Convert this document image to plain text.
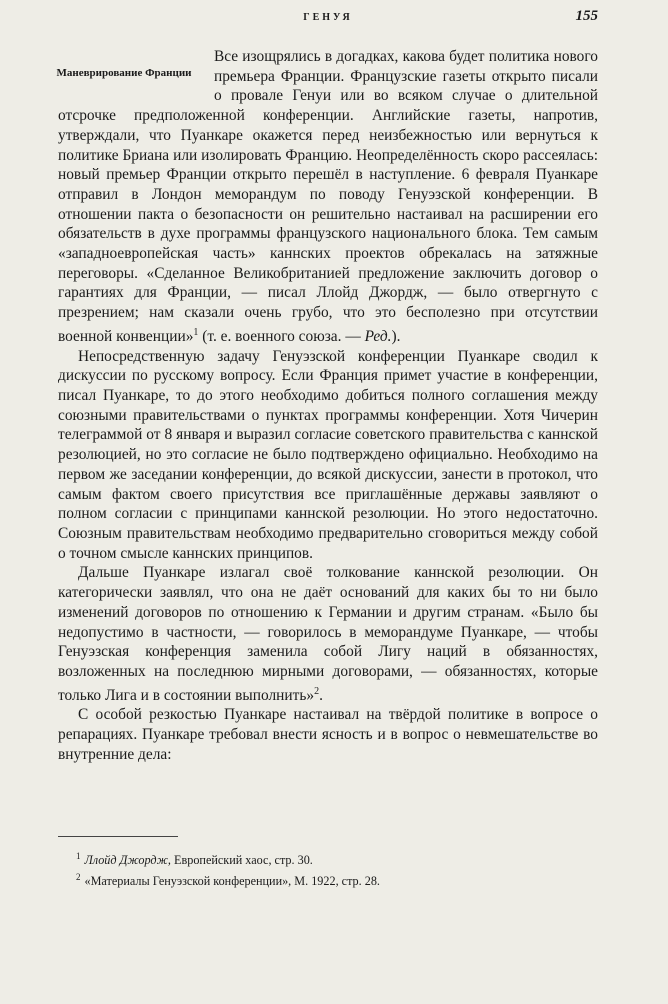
ГЕНУЯ	155
Маневрирование Франции

Все изощрялись в догадках, какова будет политика нового премьера Франции. Французские газеты открыто писали о провале Генуи или во всяком случае о длительной отсрочке предположенной конференции. Английские газеты, напротив, утверждали, что Пуанкаре окажется перед неизбежностью или вернуться к политике Бриана или изолировать Францию. Неопределённость скоро рассеялась: новый премьер Франции открыто перешёл в наступление. 6 февраля Пуанкаре отправил в Лондон меморандум по поводу Генуэзской конференции. В отношении пакта о безопасности он решительно настаивал на расширении его обязательств в духе программы французского национального блока. Тем самым «западноевропейская часть» каннских проектов обрекалась на затяжные переговоры. «Сделанное Великобританией предложение заключить договор о гарантиях для Франции, — писал Ллойд Джордж, — было отвергнуто с презрением; нам сказали очень грубо, что это бесполезно при отсутствии военной конвенции»$^1$ (т. е. военного союза. — Ред.).

Непосредственную задачу Генуэзской конференции Пуанкаре сводил к дискуссии по русскому вопросу. Если Франция примет участие в конференции, писал Пуанкаре, то до этого необходимо добиться полного соглашения между союзными правительствами о пунктах программы конференции. Хотя Чичерин телеграммой от 8 января и выразил согласие советского правительства с каннской резолюцией, но это согласие не было подтверждено официально. Необходимо на первом же заседании конференции, до всякой дискуссии, занести в протокол, что самым фактом своего присутствия все приглашённые державы заявляют о полном согласии с принципами каннской резолюции. Но этого недостаточно. Союзным правительствам необходимо предварительно сговориться между собой о точном смысле каннских принципов.

Дальше Пуанкаре излагал своё толкование каннской резолюции. Он категорически заявлял, что она не даёт оснований для каких бы то ни было изменений договоров по отношению к Германии и другим странам. «Было бы недопустимо в частности, — говорилось в меморандуме Пуанкаре, — чтобы Генуэзская конференция заменила собой Лигу наций в обязанностях, возложенных на последнюю мирными договорами, — обязанностях, которые только Лига и в состоянии выполнить»$^2$.

С особой резкостью Пуанкаре настаивал на твёрдой политике в вопросе о репарациях. Пуанкаре требовал внести ясность и в вопрос о невмешательстве во внутренние дела:

$^1$ Ллойд Джордж, Европейский хаос, стр. 30.
$^2$ «Материалы Генуэзской конференции», М. 1922, стр. 28.
